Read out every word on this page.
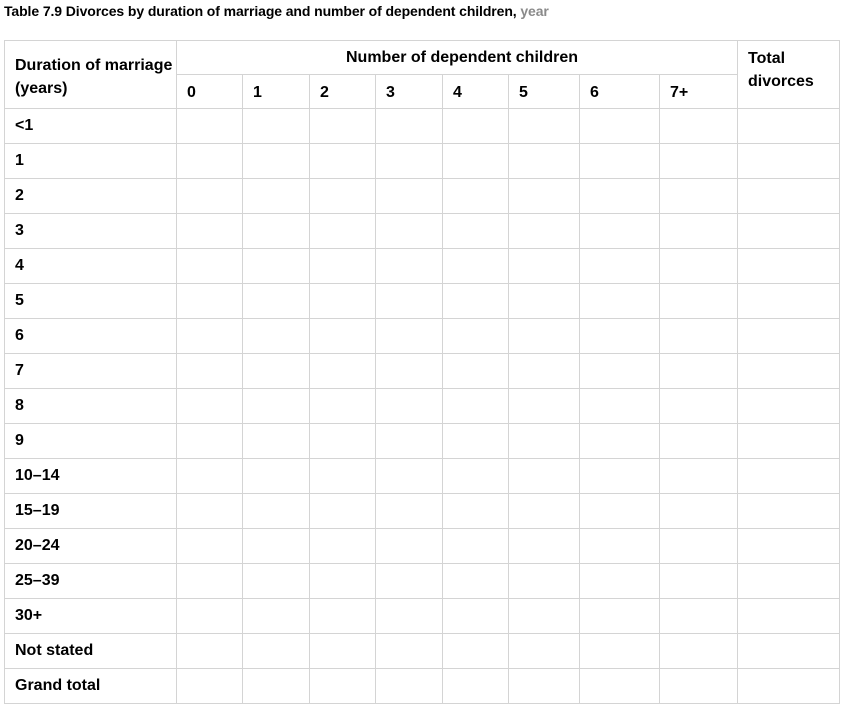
Table 7.9 Divorces by duration of marriage and number of dependent children, year
Duration of marriage (years)	Number of dependent children								Total divorces

	0	1	2	3	4	5	6	7+	

<1									
1									
2									
3									
4									
5									
6									
7									
8									
9									
10–14									
15–19									
20–24									
25–39									
30+									
Not stated									
Grand total									
